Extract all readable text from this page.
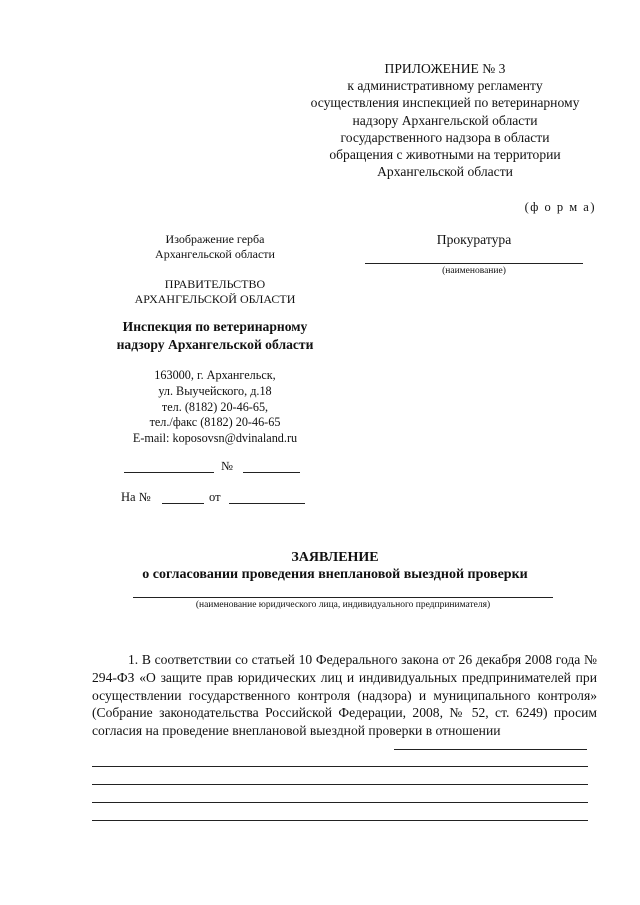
ПРИЛОЖЕНИЕ № 3
к административному регламенту
осуществления инспекцией по ветеринарному
надзору Архангельской области
государственного надзора в области
обращения с животными на территории
Архангельской области
(ф о р м а)
Изображение герба
Архангельской области
ПРАВИТЕЛЬСТВО
АРХАНГЕЛЬСКОЙ ОБЛАСТИ
Инспекция по ветеринарному
надзору Архангельской области
163000, г. Архангельск,
ул. Выучейского, д.18
тел. (8182) 20-46-65,
тел./факс (8182) 20-46-65
E-mail: koposovsn@dvinaland.ru
№
На №	от
Прокуратура
(наименование)
ЗАЯВЛЕНИЕ
о согласовании проведения внеплановой выездной проверки
(наименование юридического лица, индивидуального предпринимателя)

1. В соответствии со статьей 10 Федерального закона от 26 декабря 2008 года № 294-ФЗ «О защите прав юридических лиц и индивидуальных предпринимателей при осуществлении государственного контроля (надзора) и муниципального контроля» (Собрание законодательства Российской Федерации, 2008, № 52, ст. 6249) просим согласия на проведение внеплановой выездной проверки в отношении
